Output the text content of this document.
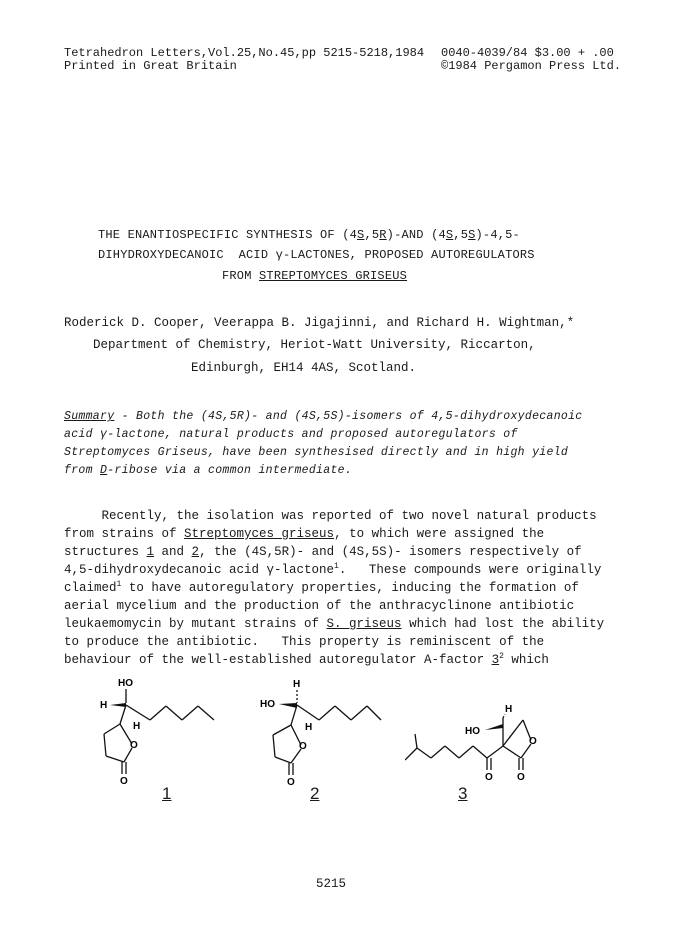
Tetrahedron Letters,Vol.25,No.45,pp 5215-5218,1984
Printed in Great Britain
0040-4039/84 $3.00 + .00
©1984 Pergamon Press Ltd.
THE ENANTIOSPECIFIC SYNTHESIS OF (4S,5R)-AND (4S,5S)-4,5-
DIHYDROXYDECANOIC  ACID γ-LACTONES, PROPOSED AUTOREGULATORS
FROM STREPTOMYCES GRISEUS
Roderick D. Cooper, Veerappa B. Jigajinni, and Richard H. Wightman,*
Department of Chemistry, Heriot-Watt University, Riccarton,
Edinburgh, EH14 4AS, Scotland.
Summary - Both the (4S,5R)- and (4S,5S)-isomers of 4,5-dihydroxydecanoic
acid γ-lactone, natural products and proposed autoregulators of
Streptomyces Griseus, have been synthesised directly and in high yield
from D-ribose via a common intermediate.
Recently, the isolation was reported of two novel natural products
from strains of Streptomyces griseus, to which were assigned the
structures 1 and 2, the (4S,5R)- and (4S,5S)- isomers respectively of
4,5-dihydroxydecanoic acid γ-lactone$^1$.   These compounds were originally
claimed$^1$ to have autoregulatory properties, inducing the formation of
aerial mycelium and the production of the anthracyclinone antibiotic
leukaemomycin by mutant strains of S. griseus which had lost the ability
to produce the antibiotic.   This property is reminiscent of the
behaviour of the well-established autoregulator A-factor $3^2$ which
HO
H
O
H
O
1
H
HO
O
H
O
2
O
O
O
H
HO
3
5215
